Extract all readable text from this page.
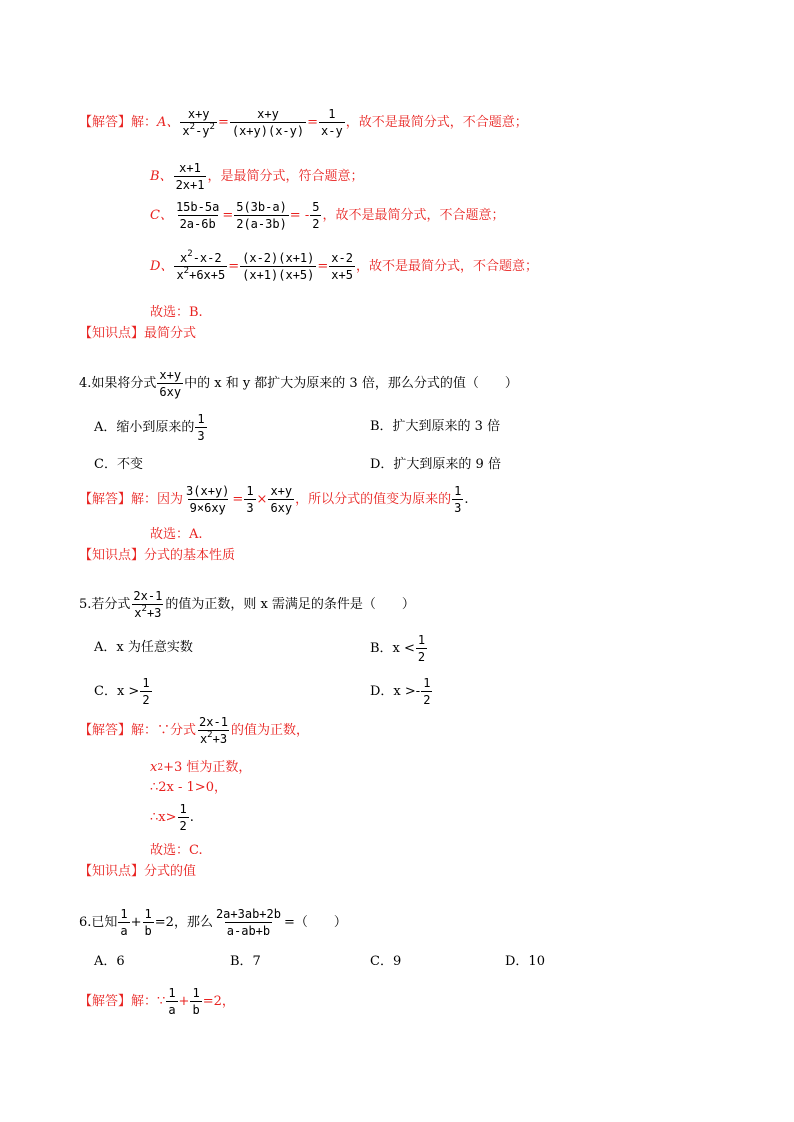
【解答】 解： A、 $\frac{x+y}{x^2-y^2} = \frac{x+y}{(x+y)(x-y)} = \frac{1}{x-y}$ ，故不是最简分式，不合题意；
B、 $\frac{x+1}{2x+1}$ ，是最简分式，符合题意；
C、 $\frac{15b-5a}{2a-6b} = \frac{5(3b-a)}{2(a-3b)}$ = - $\frac{5}{2}$ ，故不是最简分式，不合题意；
D、 $\frac{x^2-x-2}{x^2+6x+5} = \frac{(x-2)(x+1)}{(x+1)(x+5)} = \frac{x-2}{x+5}$ ，故不是最简分式，不合题意；
故选：B.
【知识点】 最简分式
4.如果将分式 $\frac{x+y}{6xy}$ 中的 x 和 y 都扩大为原来的 3 倍，那么分式的值（　　）
A．缩小到原来的 $\frac{1}{3}$	B．扩大到原来的 3 倍
C．不变	D．扩大到原来的 9 倍
【解答】 解： 因为 $\frac{3(x+y)}{9\times 6xy} = \frac{1}{3} \times \frac{x+y}{6xy}$ ，所以分式的值变为原来的 $\frac{1}{3}$ .
故选：A.
【知识点】 分式的基本性质
5.若分式 $\frac{2x-1}{x^2+3}$ 的值为正数，则 x 需满足的条件是（　　）
A．x 为任意实数	B．$x < \frac{1}{2}$
C．$x > \frac{1}{2}$	D．$x >- \frac{1}{2}$
【解答】 解： ∵分式 $\frac{2x-1}{x^2+3}$ 的值为正数，
x 2 +3 恒为正数，
∴2x - 1>0，
∴x> $\frac{1}{2}$ .
故选：C.
【知识点】 分式的值
6.已知 $\frac{1}{a} + \frac{1}{b} =2$，那么 $\frac{2a+3ab+2b}{a-ab+b}$ =（　　）
A．6	B．7	C．9	D．10
【解答】 解： ∵ $\frac{1}{a} + \frac{1}{b} =2$，
